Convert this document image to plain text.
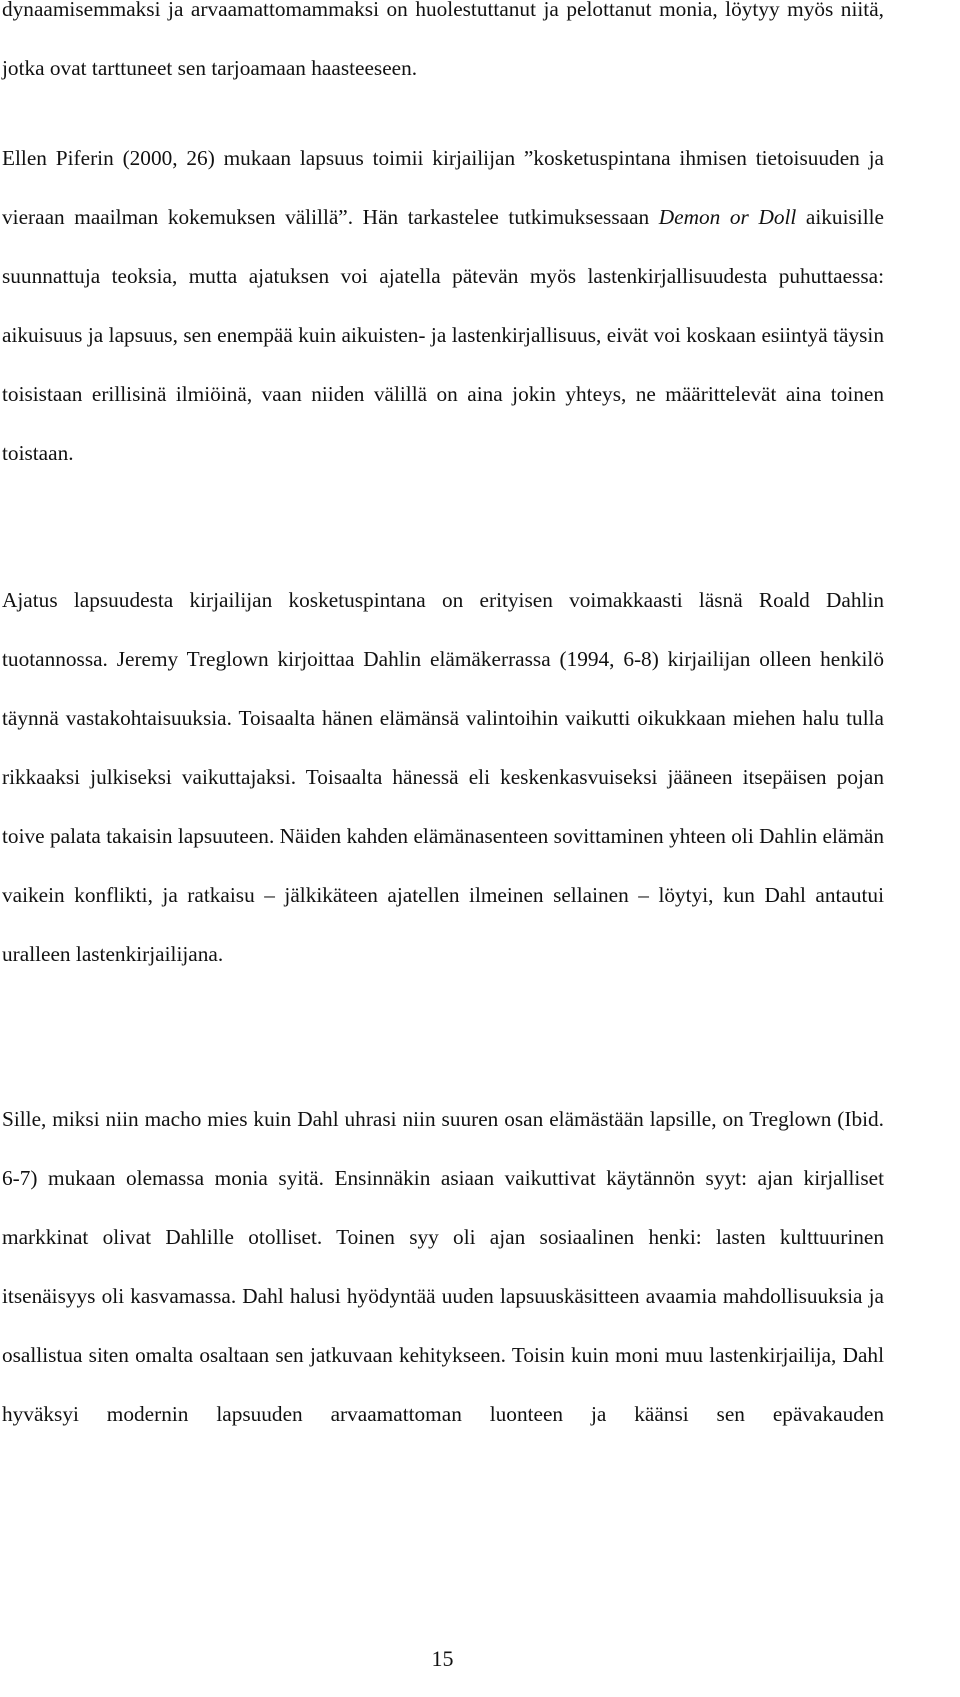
dynaamisemmaksi ja arvaamattomammaksi on huolestuttanut ja pelottanut monia, löytyy myös niitä, jotka ovat tarttuneet sen tarjoamaan haasteeseen.

Ellen Piferin (2000, 26) mukaan lapsuus toimii kirjailijan ”kosketuspintana ihmisen tietoisuuden ja vieraan maailman kokemuksen välillä”. Hän tarkastelee tutkimuksessaan Demon or Doll aikuisille suunnattuja teoksia, mutta ajatuksen voi ajatella pätevän myös lastenkirjallisuudesta puhuttaessa: aikuisuus ja lapsuus, sen enempää kuin aikuisten- ja lastenkirjallisuus, eivät voi koskaan esiintyä täysin toisistaan erillisinä ilmiöinä, vaan niiden välillä on aina jokin yhteys, ne määrittelevät aina toinen toistaan.

Ajatus lapsuudesta kirjailijan kosketuspintana on erityisen voimakkaasti läsnä Roald Dahlin tuotannossa. Jeremy Treglown kirjoittaa Dahlin elämäkerrassa (1994, 6-8) kirjailijan olleen henkilö täynnä vastakohtaisuuksia. Toisaalta hänen elämänsä valintoihin vaikutti oikukkaan miehen halu tulla rikkaaksi julkiseksi vaikuttajaksi. Toisaalta hänessä eli keskenkasvuiseksi jääneen itsepäisen pojan toive palata takaisin lapsuuteen. Näiden kahden elämänasenteen sovittaminen yhteen oli Dahlin elämän vaikein konflikti, ja ratkaisu – jälkikäteen ajatellen ilmeinen sellainen – löytyi, kun Dahl antautui uralleen lastenkirjailijana.

Sille, miksi niin macho mies kuin Dahl uhrasi niin suuren osan elämästään lapsille, on Treglown (Ibid. 6-7) mukaan olemassa monia syitä. Ensinnäkin asiaan vaikuttivat käytännön syyt: ajan kirjalliset markkinat olivat Dahlille otolliset. Toinen syy oli ajan sosiaalinen henki: lasten kulttuurinen itsenäisyys oli kasvamassa. Dahl halusi hyödyntää uuden lapsuuskäsitteen avaamia mahdollisuuksia ja osallistua siten omalta osaltaan sen jatkuvaan kehitykseen. Toisin kuin moni muu lastenkirjailija, Dahl hyväksyi modernin lapsuuden arvaamattoman luonteen ja käänsi sen epävakauden

15
